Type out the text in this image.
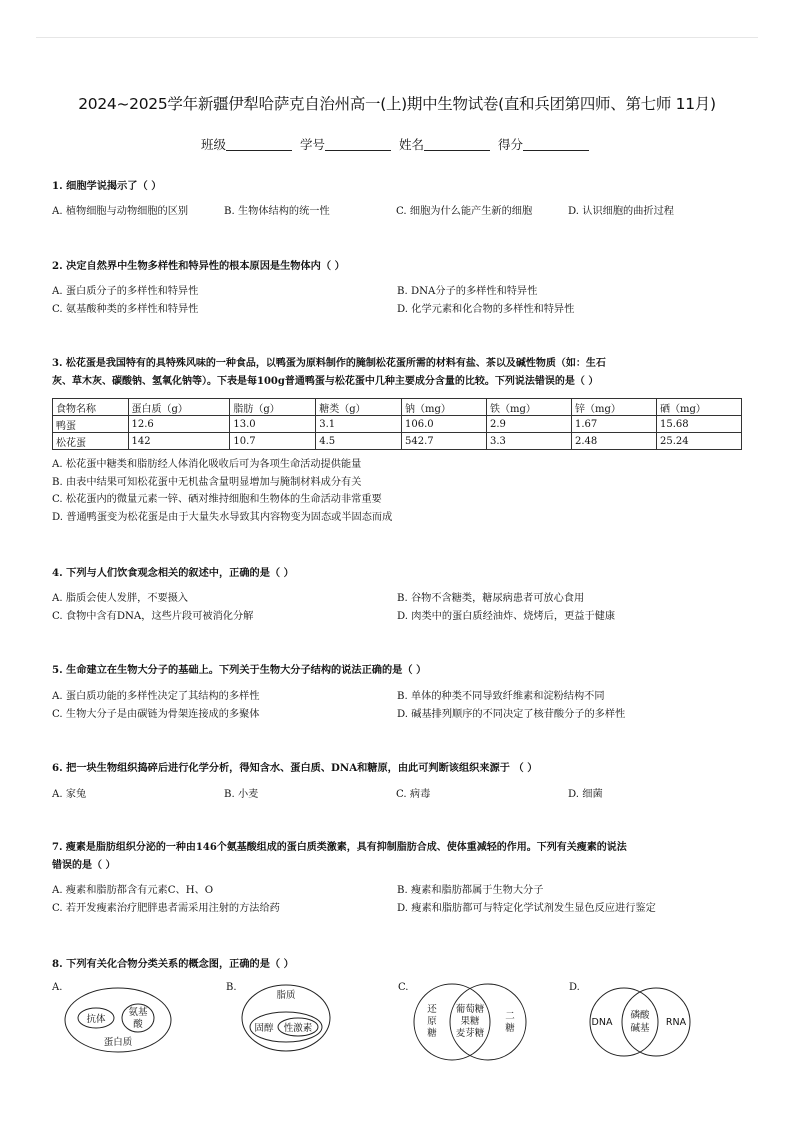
2024~2025学年新疆伊犁哈萨克自治州高一(上)期中生物试卷(直和兵团第四师、第七师 11月)
班级	学号	姓名	得分
1. 细胞学说揭示了（ ）
A. 植物细胞与动物细胞的区别	B. 生物体结构的统一性	C. 细胞为什么能产生新的细胞	D. 认识细胞的曲折过程
2. 决定自然界中生物多样性和特异性的根本原因是生物体内（ ）
A. 蛋白质分子的多样性和特异性	B. DNA分子的多样性和特异性
C. 氨基酸种类的多样性和特异性	D. 化学元素和化合物的多样性和特异性
3. 松花蛋是我国特有的具特殊风味的一种食品，以鸭蛋为原料制作的腌制松花蛋所需的材料有盐、茶以及碱性物质（如：生石
灰、草木灰、碳酸钠、氢氧化钠等）。下表是每100g普通鸭蛋与松花蛋中几种主要成分含量的比较。下列说法错误的是（ ）
食物名称	蛋白质（g）	脂肪（g）	糖类（g）	钠（mg）	铁（mg）	锌（mg）	硒（mg）
鸭蛋	12.6	13.0	3.1	106.0	2.9	1.67	15.68
松花蛋	142	10.7	4.5	542.7	3.3	2.48	25.24
A. 松花蛋中糖类和脂肪经人体消化吸收后可为各项生命活动提供能量
B. 由表中结果可知松花蛋中无机盐含量明显增加与腌制材料成分有关
C. 松花蛋内的微量元素一锌、硒对维持细胞和生物体的生命活动非常重要
D. 普通鸭蛋变为松花蛋是由于大量失水导致其内容物变为固态或半固态而成
4. 下列与人们饮食观念相关的叙述中，正确的是（ ）
A. 脂质会使人发胖，不要摄入	B. 谷物不含糖类，糖尿病患者可放心食用
C. 食物中含有DNA，这些片段可被消化分解	D. 肉类中的蛋白质经油炸、烧烤后，更益于健康
5. 生命建立在生物大分子的基础上。下列关于生物大分子结构的说法正确的是（ ）
A. 蛋白质功能的多样性决定了其结构的多样性	B. 单体的种类不同导致纤维素和淀粉结构不同
C. 生物大分子是由碳链为骨架连接成的多聚体	D. 碱基排列顺序的不同决定了核苷酸分子的多样性
6. 把一块生物组织捣碎后进行化学分析，得知含水、蛋白质、DNA和糖原，由此可判断该组织来源于 （ ）
A. 家兔	B. 小麦	C. 病毒	D. 细菌
7. 瘦素是脂肪组织分泌的一种由146个氨基酸组成的蛋白质类激素，具有抑制脂肪合成、使体重减轻的作用。下列有关瘦素的说法
错误的是（ ）
A. 瘦素和脂肪都含有元素C、H、O	B. 瘦素和脂肪都属于生物大分子
C. 若开发瘦素治疗肥胖患者需采用注射的方法给药	D. 瘦素和脂肪都可与特定化学试剂发生显色反应进行鉴定
8. 下列有关化合物分类关系的概念图，正确的是（ ）
A.
抗体
氨基
酸
蛋白质
B.
脂质
固醇 性激素
C.
还
原
糖
葡萄糖
果糖
麦芽糖
二
糖
D.
DNA
磷酸
碱基
RNA
